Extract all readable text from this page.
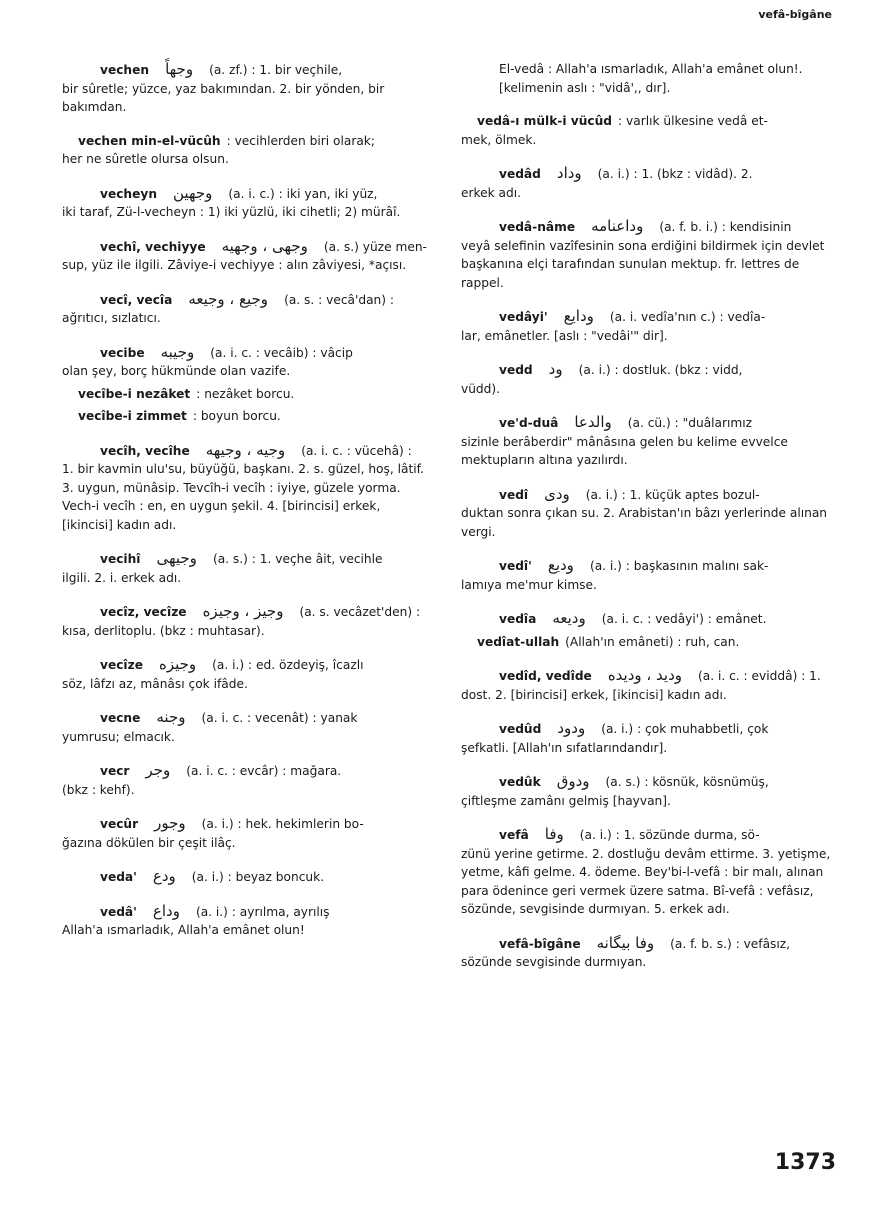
vefâ-bîgâne
vechen وجهاً (a. zf.) : 1. bir veçhile,
bir sûretle; yüzce, yaz bakımından. 2. bir yönden, bir bakımdan.
vechen min-el-vücûh : vecihlerden biri olarak;
her ne sûretle olursa olsun.
vecheyn وجهين (a. i. c.) : iki yan, iki yüz,
iki taraf, Zü-l-vecheyn : 1) iki yüzlü, iki cihetli; 2) mürâî.
vechî, vechiyye وجهى ، وجهيه (a. s.) yüze men-
sup, yüz ile ilgili. Zâviye-i vechiyye : alın zâviyesi, *açısı.
vecî, vecîa وجيع ، وجيعه (a. s. : vecâ'dan) :
ağrıtıcı, sızlatıcı.
vecibe وجيبه (a. i. c. : vecâib) : vâcip
olan şey, borç hükmünde olan vazife.
vecîbe-i nezâket : nezâket borcu.
vecîbe-i zimmet : boyun borcu.
vecîh, vecîhe وجيه ، وجيهه (a. i. c. : vücehâ) :
1. bir kavmin ulu'su, büyüğü, başkanı. 2. s. güzel, hoş, lâtif. 3. uygun, münâsip. Tevcîh-i vecîh : iyiye, güzele yorma. Vech-i vecîh : en, en uygun şekil. 4. [birincisi] erkek, [ikincisi] kadın adı.
vecihî وجيهى (a. s.) : 1. veçhe âit, vecihle
ilgili. 2. i. erkek adı.
vecîz, vecîze وجيز ، وجيزه (a. s. vecâzet'den) :
kısa, derlitoplu. (bkz : muhtasar).
vecîze وجيزه (a. i.) : ed. özdeyiş, îcazlı
söz, lâfzı az, mânâsı çok ifâde.
vecne وجنه (a. i. c. : vecenât) : yanak
yumrusu; elmacık.
vecr وجر (a. i. c. : evcâr) : mağara.
(bkz : kehf).
vecûr وجور (a. i.) : hek. hekimlerin bo-
ğazına dökülen bir çeşit ilâç.
veda' ودع (a. i.) : beyaz boncuk.
vedâ' وداع (a. i.) : ayrılma, ayrılış
Allah'a ısmarladık, Allah'a emânet olun!
El-vedâ : Allah'a ısmarladık, Allah'a emânet olun!. [kelimenin aslı : "vidâ',, dır].
vedâ-ı mülk-i vücûd : varlık ülkesine vedâ et-
mek, ölmek.
vedâd وداد (a. i.) : 1. (bkz : vidâd). 2.
erkek adı.
vedâ-nâme وداعنامه (a. f. b. i.) : kendisinin
veyâ selefinin vazîfesinin sona erdiğini bildirmek için devlet başkanına elçi tarafından sunulan mektup. fr. lettres de rappel.
vedâyi' ودايع (a. i. vedîa'nın c.) : vedîa-
lar, emânetler. [aslı : "vedâi'" dir].
vedd ود (a. i.) : dostluk. (bkz : vidd,
vüdd).
ve'd-duâ والدعا (a. cü.) : "duâlarımız
sizinle berâberdir" mânâsına gelen bu kelime evvelce mektupların altına yazılırdı.
vedî ودى (a. i.) : 1. küçük aptes bozul-
duktan sonra çıkan su. 2. Arabistan'ın bâzı yerlerinde alınan vergi.
vedî' وديع (a. i.) : başkasının malını sak-
lamıya me'mur kimse.
vedîa وديعه (a. i. c. : vedâyi') : emânet.
vedîat-ullah (Allah'ın emâneti) : ruh, can.
vedîd, vedîde وديد ، وديده (a. i. c. : eviddâ) : 1.
dost. 2. [birincisi] erkek, [ikincisi] kadın adı.
vedûd ودود (a. i.) : çok muhabbetli, çok
şefkatli. [Allah'ın sıfatlarındandır].
vedûk ودوق (a. s.) : kösnük, kösnümüş,
çiftleşme zamânı gelmiş [hayvan].
vefâ وفا (a. i.) : 1. sözünde durma, sö-
zünü yerine getirme. 2. dostluğu devâm ettirme. 3. yetişme, yetme, kâfi gelme. 4. ödeme. Bey'bi-l-vefâ : bir malı, alınan para ödenince geri vermek üzere satma. Bî-vefâ : vefâsız, sözünde, sevgisinde durmıyan. 5. erkek adı.
vefâ-bîgâne وفا بيگانه (a. f. b. s.) : vefâsız,
sözünde sevgisinde durmıyan.
1373
